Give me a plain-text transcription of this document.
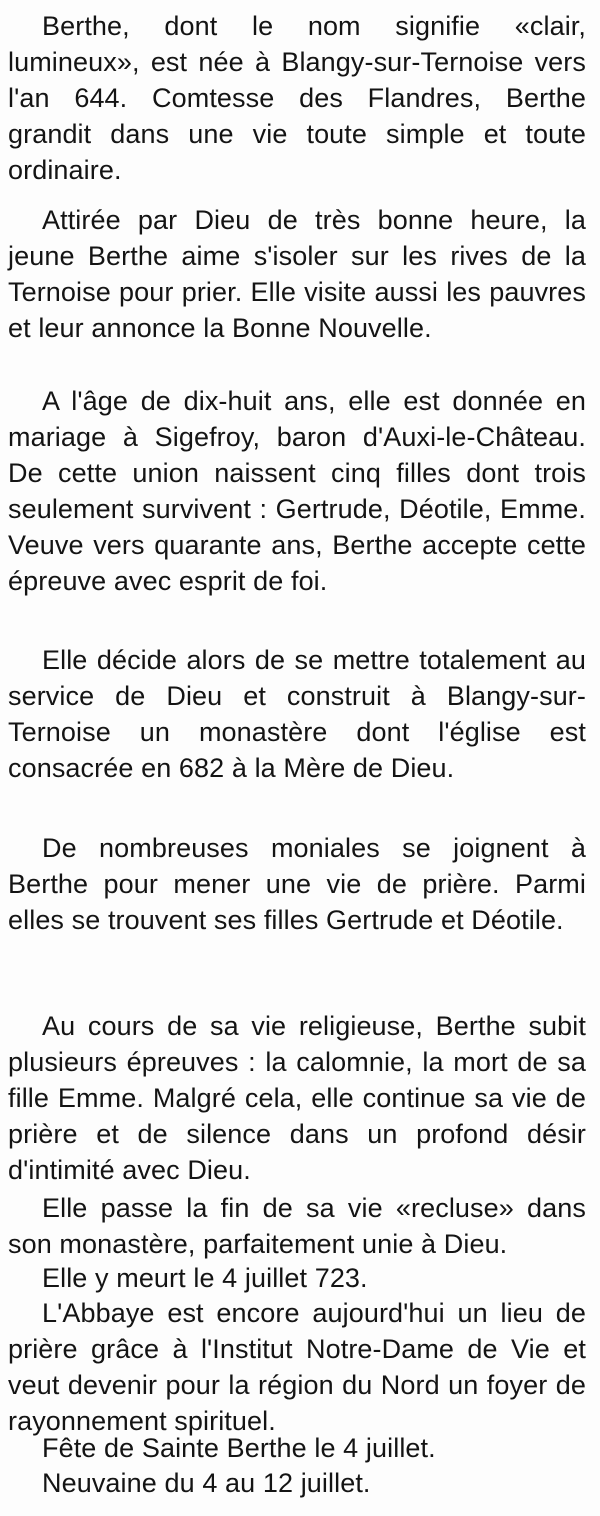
Berthe, dont le nom signifie «clair, lumineux», est née à Blangy-sur-Ternoise vers l'an 644. Comtesse des Flandres, Berthe grandit dans une vie toute simple et toute ordinaire.

Attirée par Dieu de très bonne heure, la jeune Berthe aime s'isoler sur les rives de la Ternoise pour prier. Elle visite aussi les pauvres et leur annonce la Bonne Nouvelle.

A l'âge de dix-huit ans, elle est donnée en mariage à Sigefroy, baron d'Auxi-le-Château. De cette union naissent cinq filles dont trois seulement survivent : Gertrude, Déotile, Emme. Veuve vers quarante ans, Berthe accepte cette épreuve avec esprit de foi.

Elle décide alors de se mettre totalement au service de Dieu et construit à Blangy-sur-Ternoise un monastère dont l'église est consacrée en 682 à la Mère de Dieu.

De nombreuses moniales se joignent à Berthe pour mener une vie de prière. Parmi elles se trouvent ses filles Gertrude et Déotile.

Au cours de sa vie religieuse, Berthe subit plusieurs épreuves : la calomnie, la mort de sa fille Emme. Malgré cela, elle continue sa vie de prière et de silence dans un profond désir d'intimité avec Dieu.

Elle passe la fin de sa vie «recluse» dans son monastère, parfaitement unie à Dieu.

Elle y meurt le 4 juillet 723.

L'Abbaye est encore aujourd'hui un lieu de prière grâce à l'Institut Notre-Dame de Vie et veut devenir pour la région du Nord un foyer de rayonnement spirituel.

Fête de Sainte Berthe le 4 juillet.

Neuvaine du 4 au 12 juillet.
